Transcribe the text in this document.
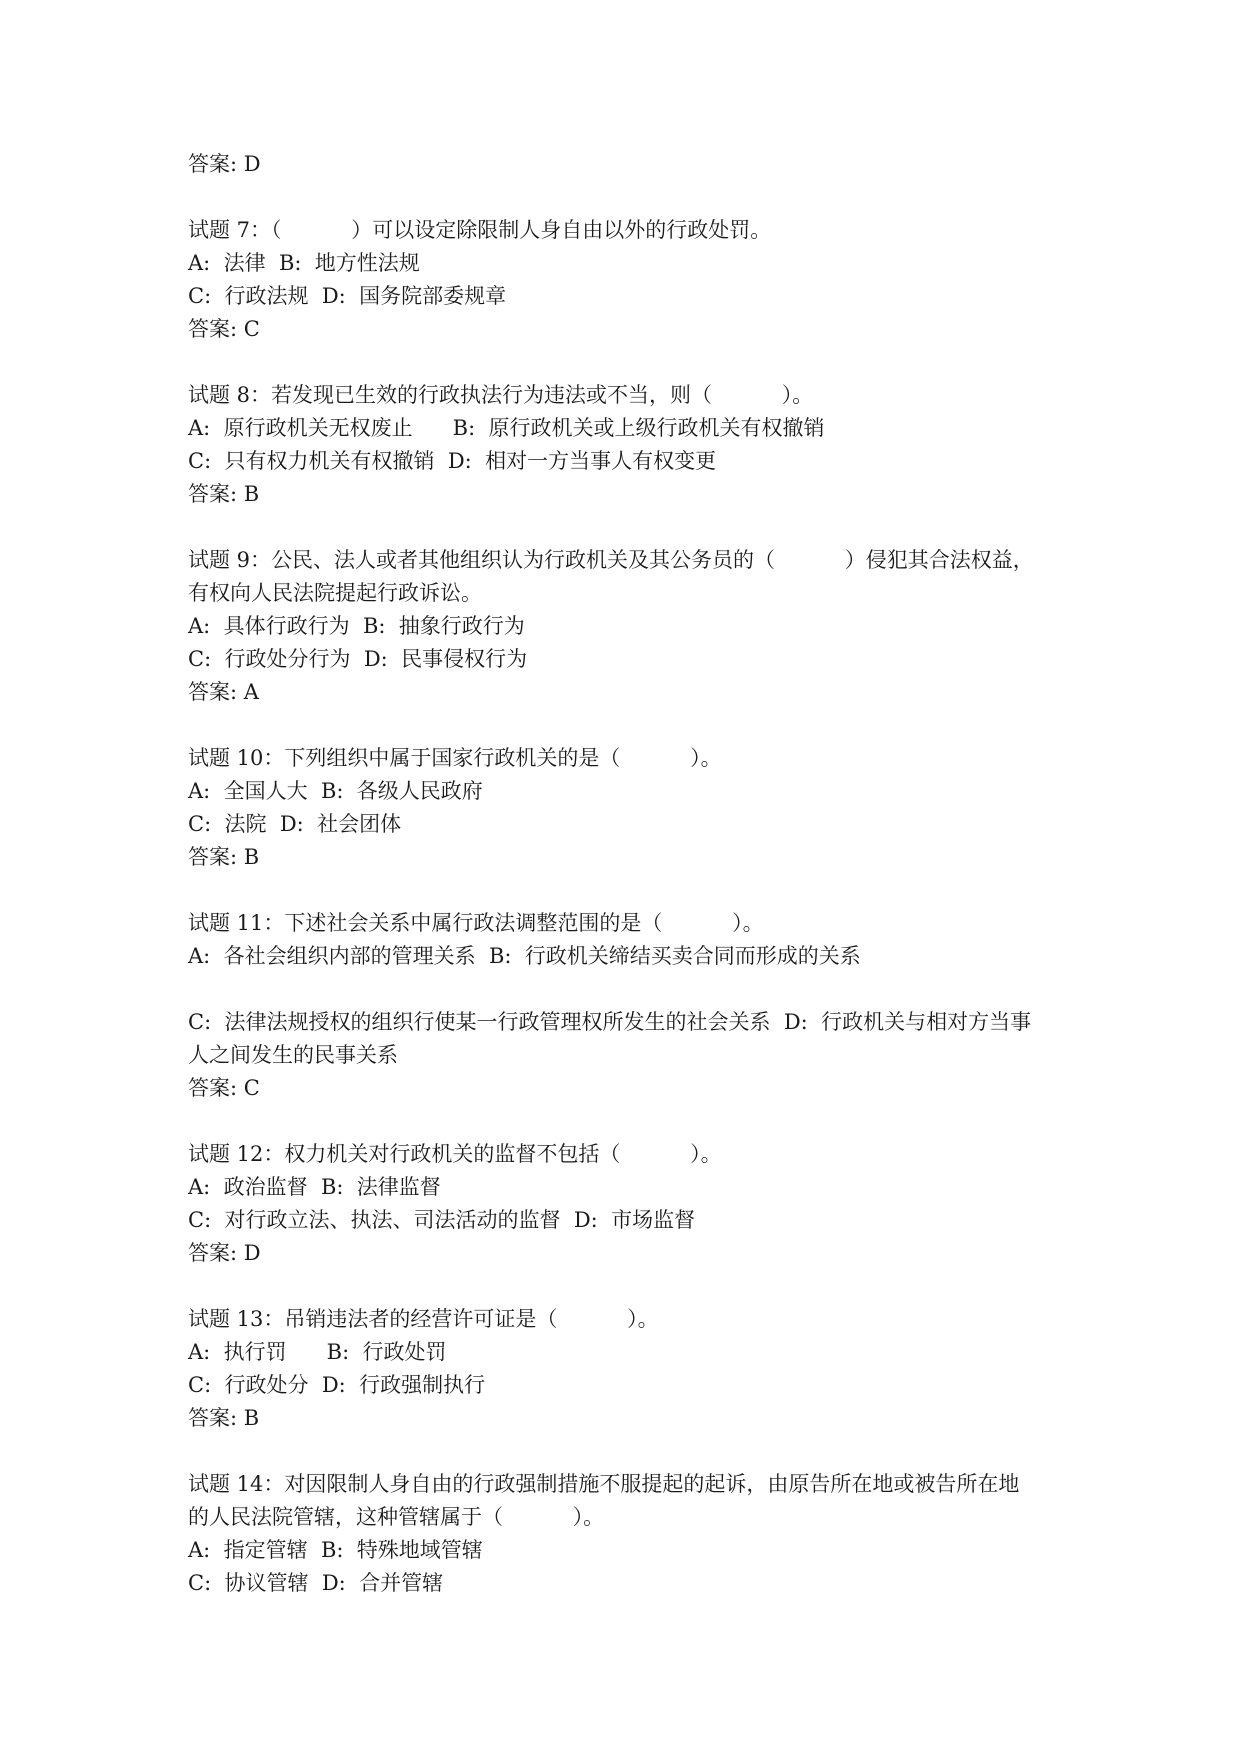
答案: D
试题 7：（ 　　　）可以设定除限制人身自由以外的行政处罚。
A:  法律  B:  地方性法规
C:  行政法规  D:  国务院部委规章
答案: C
试题 8：若发现已生效的行政执法行为违法或不当，则（ 　　　）。
A:  原行政机关无权废止      B:  原行政机关或上级行政机关有权撤销
C:  只有权力机关有权撤销  D:  相对一方当事人有权变更
答案: B
试题 9：公民、法人或者其他组织认为行政机关及其公务员的（ 　　　）侵犯其合法权益，
有权向人民法院提起行政诉讼。
A:  具体行政行为  B:  抽象行政行为
C:  行政处分行为  D:  民事侵权行为
答案: A
试题 10：下列组织中属于国家行政机关的是（ 　　　）。
A:  全国人大  B:  各级人民政府
C:  法院  D:  社会团体
答案: B
试题 11：下述社会关系中属行政法调整范围的是（ 　　　）。
A:  各社会组织内部的管理关系  B:  行政机关缔结买卖合同而形成的关系
C:  法律法规授权的组织行使某一行政管理权所发生的社会关系  D:  行政机关与相对方当事
人之间发生的民事关系
答案: C
试题 12：权力机关对行政机关的监督不包括（ 　　　）。
A:  政治监督  B:  法律监督
C:  对行政立法、执法、司法活动的监督  D:  市场监督
答案: D
试题 13：吊销违法者的经营许可证是（ 　　　）。
A:  执行罚      B:  行政处罚
C:  行政处分  D:  行政强制执行
答案: B
试题 14：对因限制人身自由的行政强制措施不服提起的起诉，由原告所在地或被告所在地
的人民法院管辖，这种管辖属于（ 　　　）。
A:  指定管辖  B:  特殊地域管辖
C:  协议管辖  D:  合并管辖
